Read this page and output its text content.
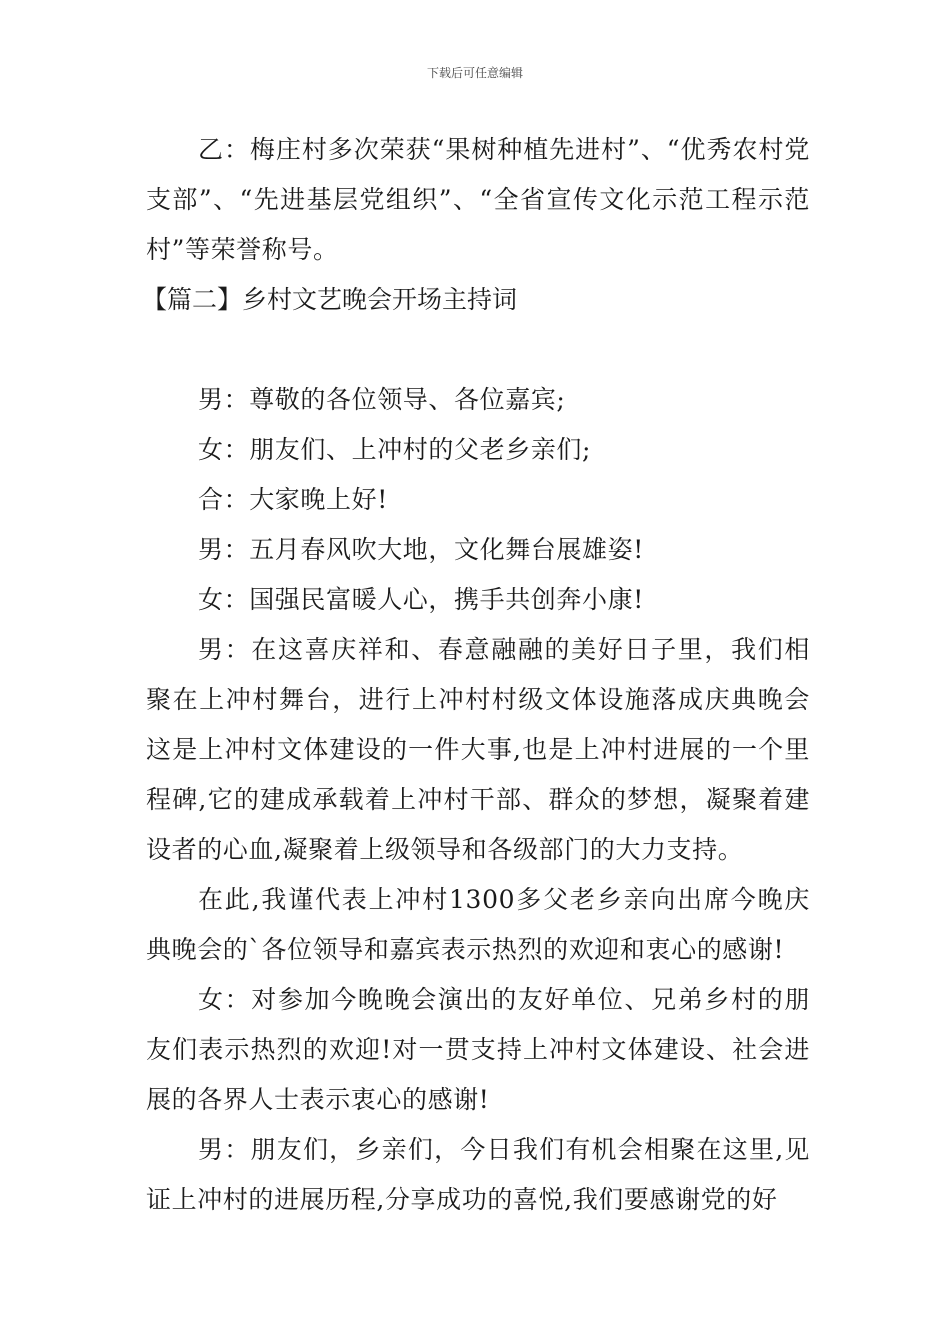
下载后可任意编辑

乙：梅庄村多次荣获“果树种植先进村”、“优秀农村党支部”、“先进基层党组织”、“全省宣传文化示范工程示范村”等荣誉称号。

【篇二】乡村文艺晚会开场主持词

男：尊敬的各位领导、各位嘉宾;

女：朋友们、上冲村的父老乡亲们;

合：大家晚上好!

男：五月春风吹大地，文化舞台展雄姿!

女：国强民富暖人心，携手共创奔小康!

男：在这喜庆祥和、春意融融的美好日子里，我们相聚在上冲村舞台，进行上冲村村级文体设施落成庆典晚会这是上冲村文体建设的一件大事,也是上冲村进展的一个里程碑,它的建成承载着上冲村干部、群众的梦想，凝聚着建设者的心血,凝聚着上级领导和各级部门的大力支持。

在此,我谨代表上冲村1300多父老乡亲向出席今晚庆典晚会的`各位领导和嘉宾表示热烈的欢迎和衷心的感谢!

女：对参加今晚晚会演出的友好单位、兄弟乡村的朋友们表示热烈的欢迎!对一贯支持上冲村文体建设、社会进展的各界人士表示衷心的感谢!

男：朋友们，乡亲们，今日我们有机会相聚在这里,见证上冲村的进展历程,分享成功的喜悦,我们要感谢党的好
